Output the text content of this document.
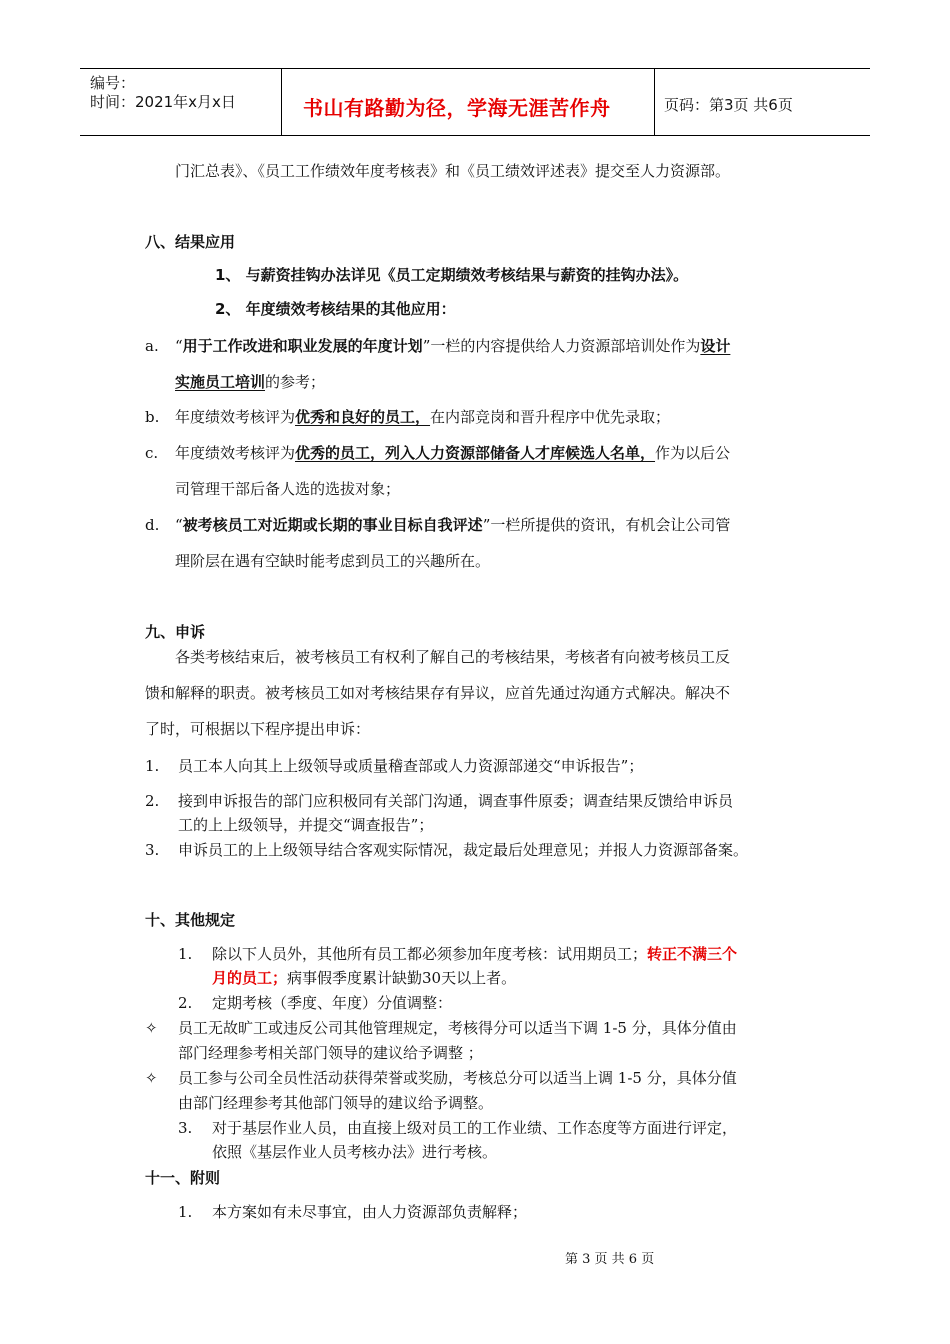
编号：
时间：2021年x月x日	书山有路勤为径，学海无涯苦作舟	页码：第3页 共6页
门汇总表》、《员工工作绩效年度考核表》和《员工绩效评述表》提交至人力资源部。
八、结果应用
1、 与薪资挂钩办法详见《员工定期绩效考核结果与薪资的挂钩办法》。
2、 年度绩效考核结果的其他应用：
a. “用于工作改进和职业发展的年度计划”一栏的内容提供给人力资源部培训处作为设计
实施员工培训的参考；
b. 年度绩效考核评为优秀和良好的员工，在内部竞岗和晋升程序中优先录取；
c. 年度绩效考核评为优秀的员工，列入人力资源部储备人才库候选人名单，作为以后公
司管理干部后备人选的选拔对象；
d. “被考核员工对近期或长期的事业目标自我评述”一栏所提供的资讯，有机会让公司管
理阶层在遇有空缺时能考虑到员工的兴趣所在。
九、申诉
各类考核结束后，被考核员工有权利了解自己的考核结果，考核者有向被考核员工反
馈和解释的职责。被考核员工如对考核结果存有异议，应首先通过沟通方式解决。解决不
了时，可根据以下程序提出申诉：
1. 员工本人向其上上级领导或质量稽查部或人力资源部递交“申诉报告”；
2. 接到申诉报告的部门应积极同有关部门沟通，调查事件原委；调查结果反馈给申诉员
工的上上级领导，并提交“调查报告”；
3. 申诉员工的上上级领导结合客观实际情况，裁定最后处理意见；并报人力资源部备案。
十、其他规定
1. 除以下人员外，其他所有员工都必须参加年度考核：试用期员工；转正不满三个
月的员工；病事假季度累计缺勤30天以上者。
2. 定期考核（季度、年度）分值调整：
✧ 员工无故旷工或违反公司其他管理规定，考核得分可以适当下调 1-5 分，具体分值由
部门经理参考相关部门领导的建议给予调整 ；
✧ 员工参与公司全员性活动获得荣誉或奖励，考核总分可以适当上调 1-5 分，具体分值
由部门经理参考其他部门领导的建议给予调整。
3. 对于基层作业人员，由直接上级对员工的工作业绩、工作态度等方面进行评定，
依照《基层作业人员考核办法》进行考核。
十一、附则
1. 本方案如有未尽事宜，由人力资源部负责解释；
第 3 页 共 6 页
